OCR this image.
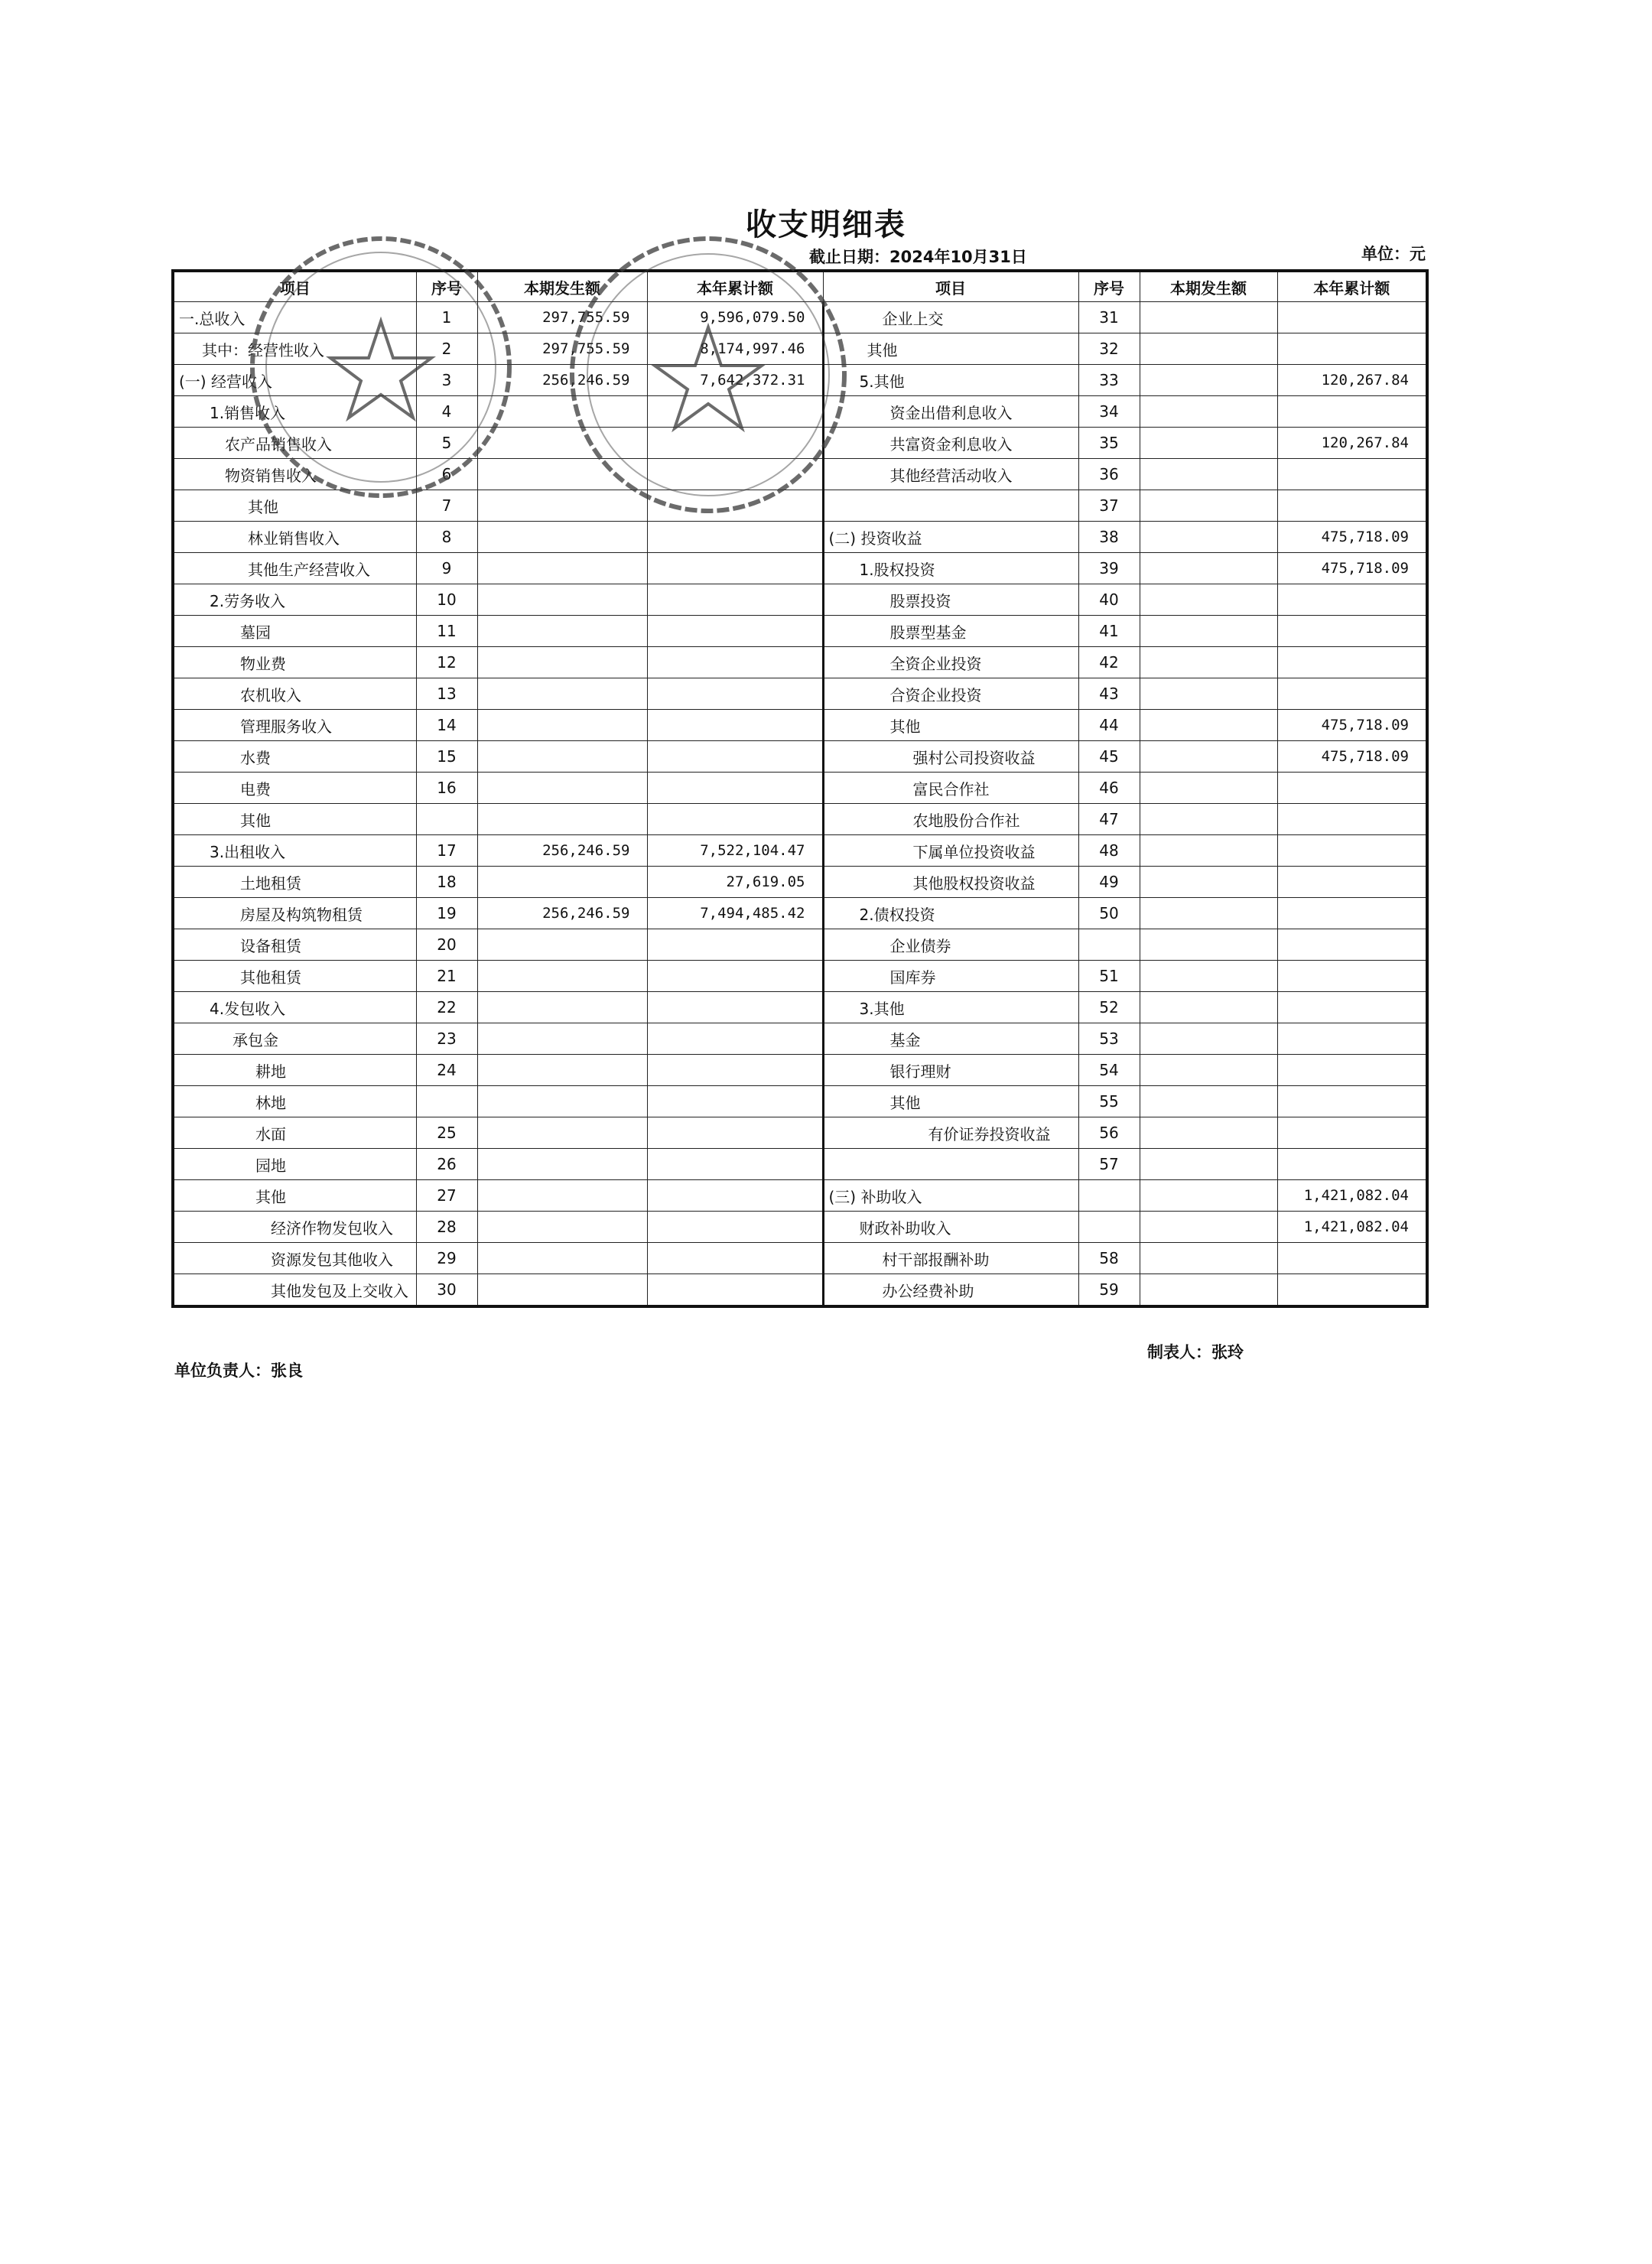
收支明细表
截止日期：2024年10月31日	单位：元
项目	序号	本期发生额	本年累计额	项目	序号	本期发生额	本年累计额
一.总收入	1	297,755.59	9,596,079.50	企业上交	31		
其中：经营性收入	2	297,755.59	8,174,997.46	其他	32		
(一) 经营收入	3	256,246.59	7,642,372.31	5.其他	33		120,267.84
1.销售收入	4			资金出借利息收入	34		
农产品销售收入	5			共富资金利息收入	35		120,267.84
物资销售收入	6			其他经营活动收入	36		
其他	7				37		
林业销售收入	8			(二) 投资收益	38		475,718.09
其他生产经营收入	9			1.股权投资	39		475,718.09
2.劳务收入	10			股票投资	40		
墓园	11			股票型基金	41		
物业费	12			全资企业投资	42		
农机收入	13			合资企业投资	43		
管理服务收入	14			其他	44		475,718.09
水费	15			强村公司投资收益	45		475,718.09
电费	16			富民合作社	46		
其他				农地股份合作社	47		
3.出租收入	17	256,246.59	7,522,104.47	下属单位投资收益	48		
土地租赁	18		27,619.05	其他股权投资收益	49		
房屋及构筑物租赁	19	256,246.59	7,494,485.42	2.债权投资	50		
设备租赁	20			企业债券			
其他租赁	21			国库券	51		
4.发包收入	22			3.其他	52		
承包金	23			基金	53		
耕地	24			银行理财	54		
林地				其他	55		
水面	25			有价证券投资收益	56		
园地	26				57		
其他	27			(三) 补助收入			1,421,082.04
经济作物发包收入	28			财政补助收入			1,421,082.04
资源发包其他收入	29			村干部报酬补助	58		
其他发包及上交收入	30			办公经费补助	59		
单位负责人：张良
制表人：张玲
